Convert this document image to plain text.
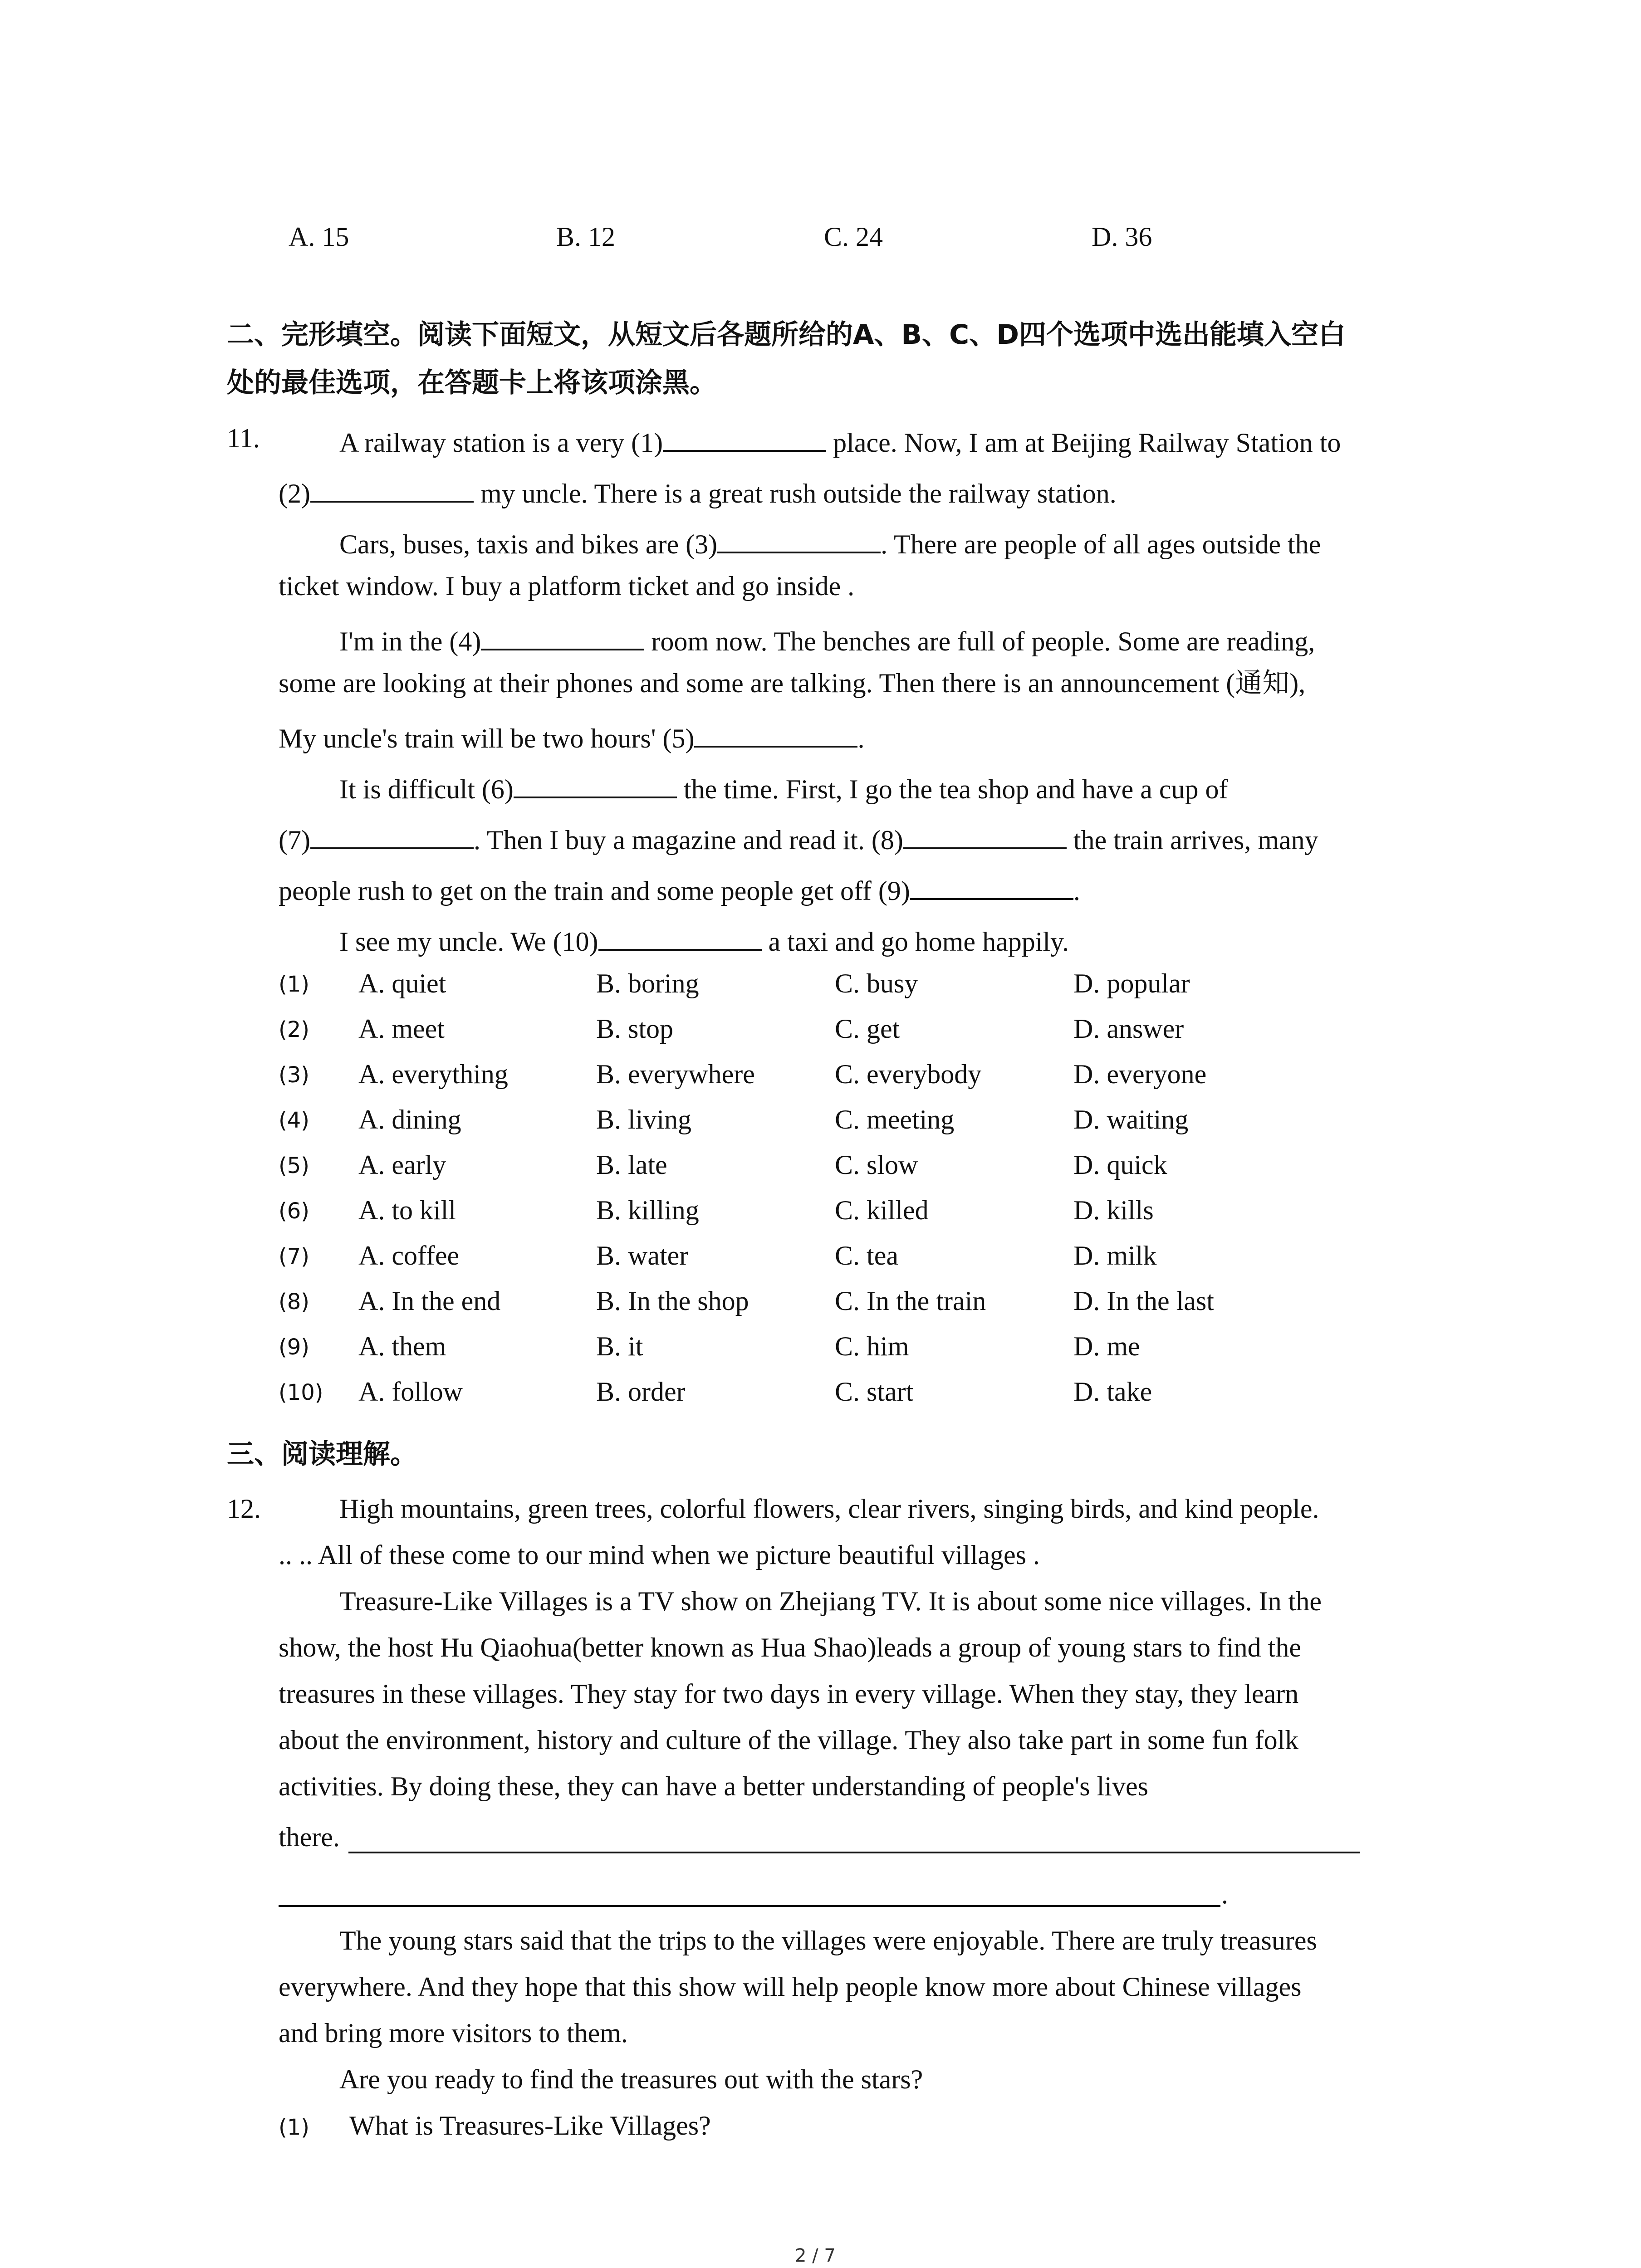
A. 15	B. 12	C. 24	D. 36
二、完形填空。阅读下面短文，从短文后各题所给的A、B、C、D四个选项中选出能填入空白
处的最佳选项，在答题卡上将该项涂黑。
11.	A railway station is a very (1)	place. Now, I am at Beijing Railway Station to
(2)	my uncle. There is a great rush outside the railway station.
Cars, buses, taxis and bikes are (3)	. There are people of all ages outside the
ticket window. I buy a platform ticket and go inside .
I'm in the (4)	room now. The benches are full of people. Some are reading,
some are looking at their phones and some are talking. Then there is an announcement (通知),
My uncle's train will be two hours' (5)	.
It is difficult (6)	the time. First, I go the tea shop and have a cup of
(7)	. Then I buy a magazine and read it. (8)	the train arrives, many
people rush to get on the train and some people get off (9)	.
I see my uncle. We (10)	a taxi and go home happily.
(1) A. quiet	B. boring	C. busy	D. popular
(2) A. meet	B. stop	C. get	D. answer
(3) A. everything	B. everywhere	C. everybody	D. everyone
(4) A. dining	B. living	C. meeting	D. waiting
(5) A. early	B. late	C. slow	D. quick
(6) A. to kill	B. killing	C. killed	D. kills
(7) A. coffee	B. water	C. tea	D. milk
(8) A. In the end	B. In the shop	C. In the train	D. In the last
(9) A. them	B. it	C. him	D. me
(10) A. follow	B. order	C. start	D. take
三、阅读理解。
12.	High mountains, green trees, colorful flowers, clear rivers, singing birds, and kind people.
.. .. All of these come to our mind when we picture beautiful villages .
Treasure-Like Villages is a TV show on Zhejiang TV. It is about some nice villages. In the
show, the host Hu Qiaohua(better known as Hua Shao)leads a group of young stars to find the
treasures in these villages. They stay for two days in every village. When they stay, they learn
about the environment, history and culture of the village. They also take part in some fun folk
activities. By doing these, they can have a better understanding of people's lives
there.
.
The young stars said that the trips to the villages were enjoyable. There are truly treasures
everywhere. And they hope that this show will help people know more about Chinese villages
and bring more visitors to them.
Are you ready to find the treasures out with the stars?
(1) What is Treasures-Like Villages?
2 / 7
